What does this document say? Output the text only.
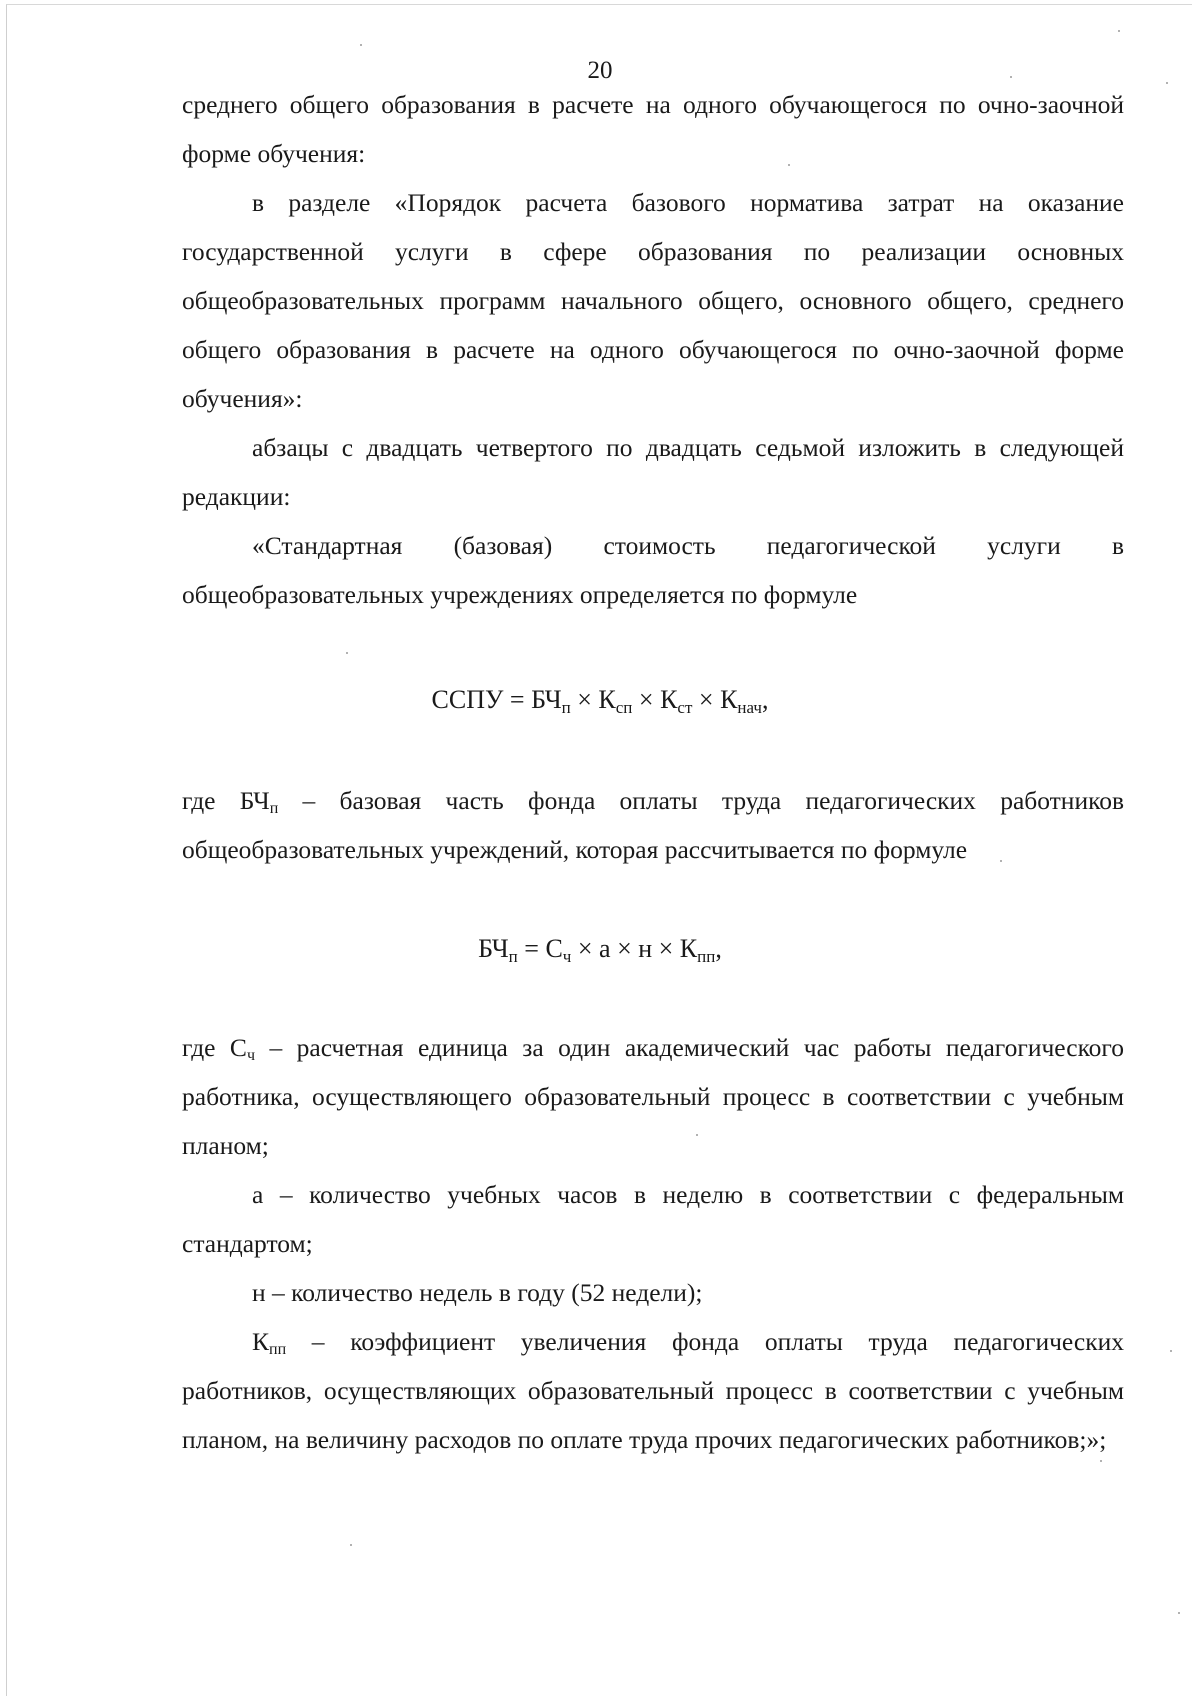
20

среднего общего образования в расчете на одного обучающегося по очно-заочной форме обучения:

в разделе «Порядок расчета базового норматива затрат на оказание государственной услуги в сфере образования по реализации основных общеобразовательных программ начального общего, основного общего, среднего общего образования в расчете на одного обучающегося по очно-заочной форме обучения»:

абзацы с двадцать четвертого по двадцать седьмой изложить в следующей редакции:

«Стандартная (базовая) стоимость педагогической услуги в общеобразовательных учреждениях определяется по формуле

ССПУ = $БЧ_п \times К_{сп} \times К_{ст} \times К_{нач}$,

где БЧп – базовая часть фонда оплаты труда педагогических работников общеобразовательных учреждений, которая рассчитывается по формуле

$БЧ_п = С_ч \times а \times н \times К_{пп}$,

где Сч – расчетная единица за один академический час работы педагогического работника, осуществляющего образовательный процесс в соответствии с учебным планом;

а – количество учебных часов в неделю в соответствии с федеральным стандартом;

н – количество недель в году (52 недели);

Кпп – коэффициент увеличения фонда оплаты труда педагогических работников, осуществляющих образовательный процесс в соответствии с учебным планом, на величину расходов по оплате труда прочих педагогических работников;»;
